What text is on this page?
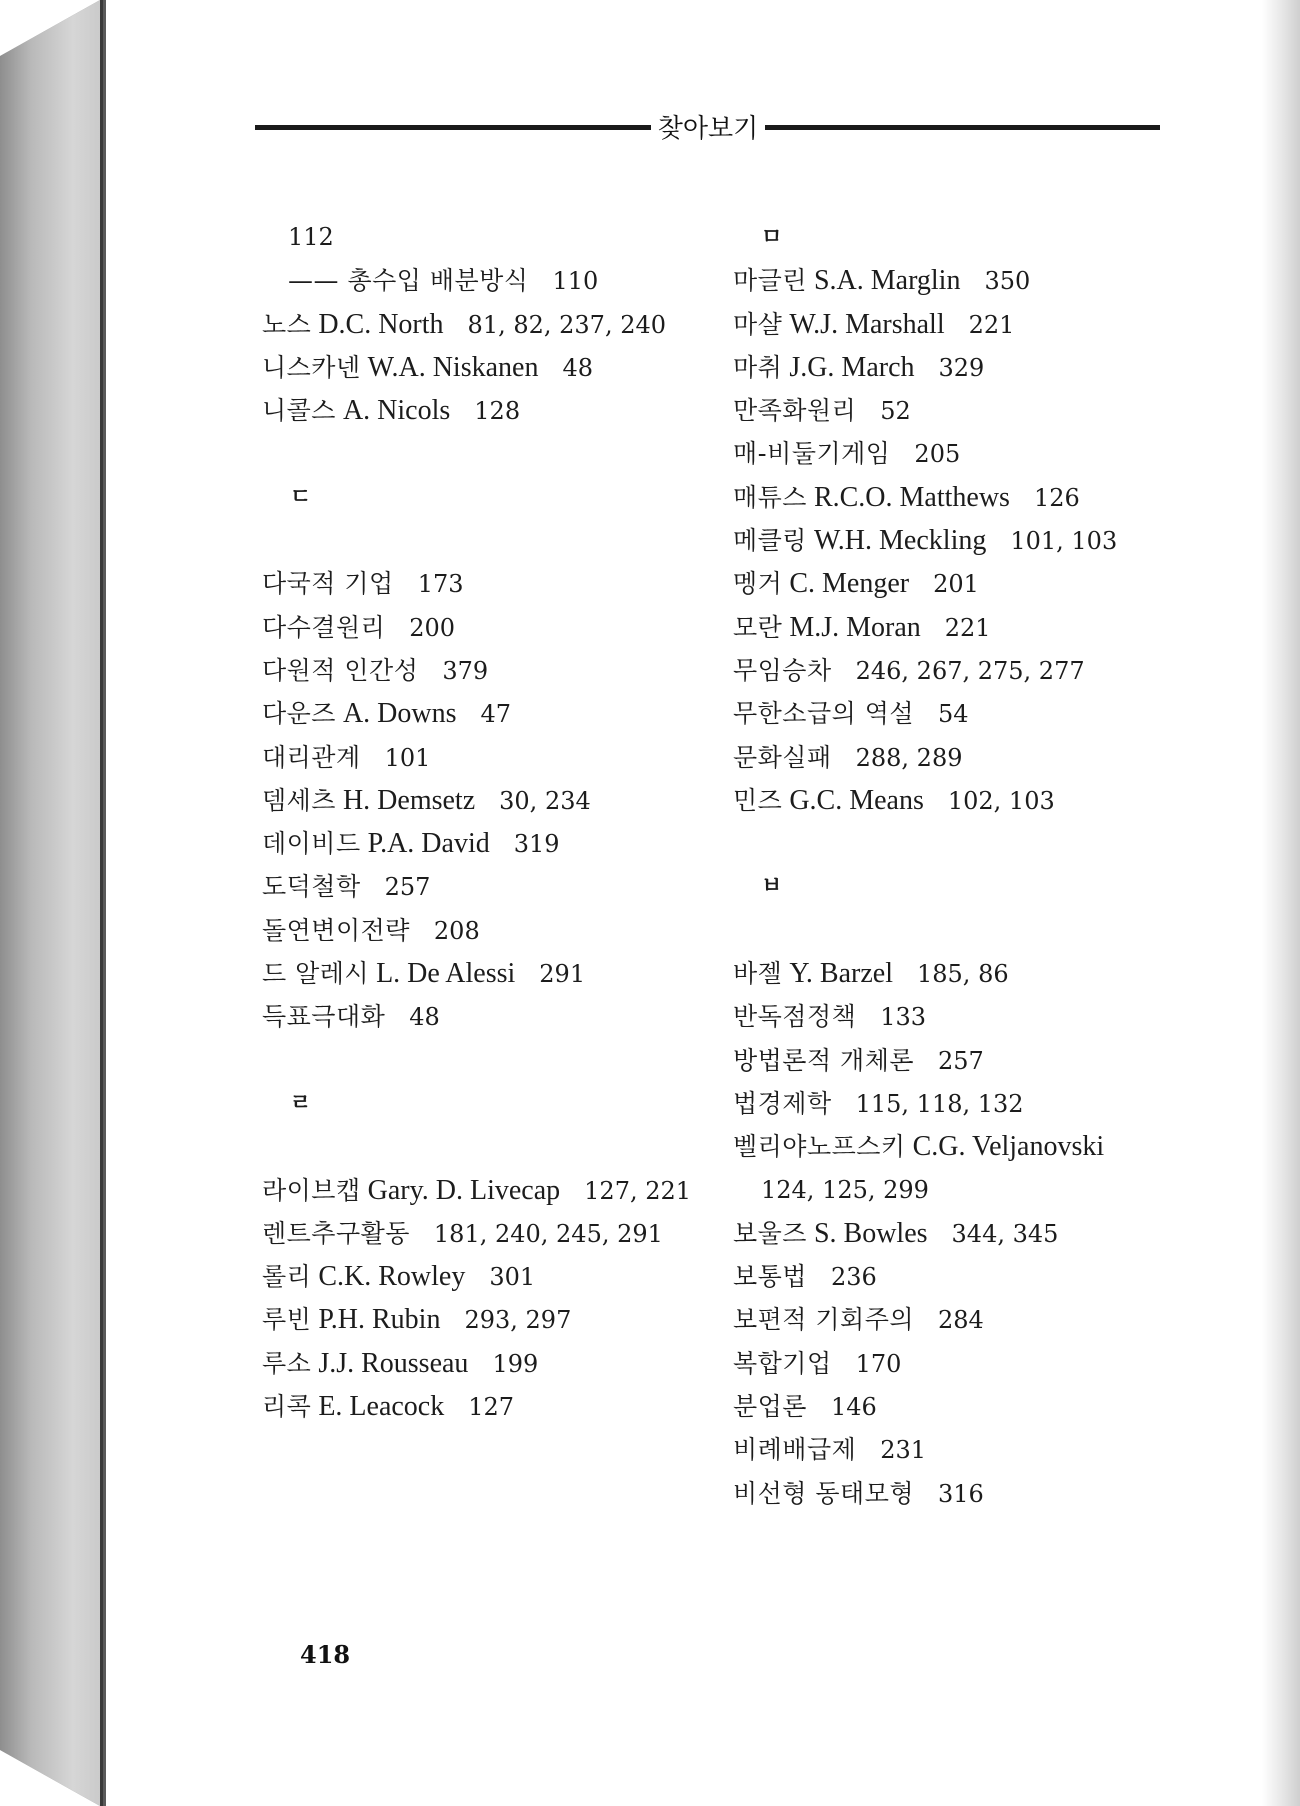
찾아보기
112
—— 총수입 배분방식 110
노스 D.C. North 81, 82, 237, 240
니스카넨 W.A. Niskanen 48
니콜스 A. Nicols 128
ㄷ
다국적 기업 173
다수결원리 200
다원적 인간성 379
다운즈 A. Downs 47
대리관계 101
뎀세츠 H. Demsetz 30, 234
데이비드 P.A. David 319
도덕철학 257
돌연변이전략 208
드 알레시 L. De Alessi 291
득표극대화 48
ㄹ
라이브캡 Gary. D. Livecap 127, 221
렌트추구활동 181, 240, 245, 291
롤리 C.K. Rowley 301
루빈 P.H. Rubin 293, 297
루소 J.J. Rousseau 199
리콕 E. Leacock 127
ㅁ
마글린 S.A. Marglin 350
마샬 W.J. Marshall 221
마취 J.G. March 329
만족화원리 52
매-비둘기게임 205
매튜스 R.C.O. Matthews 126
메클링 W.H. Meckling 101, 103
멩거 C. Menger 201
모란 M.J. Moran 221
무임승차 246, 267, 275, 277
무한소급의 역설 54
문화실패 288, 289
민즈 G.C. Means 102, 103
ㅂ
바젤 Y. Barzel 185, 86
반독점정책 133
방법론적 개체론 257
법경제학 115, 118, 132
벨리야노프스키 C.G. Veljanovski
124, 125, 299
보울즈 S. Bowles 344, 345
보통법 236
보편적 기회주의 284
복합기업 170
분업론 146
비례배급제 231
비선형 동태모형 316
418
